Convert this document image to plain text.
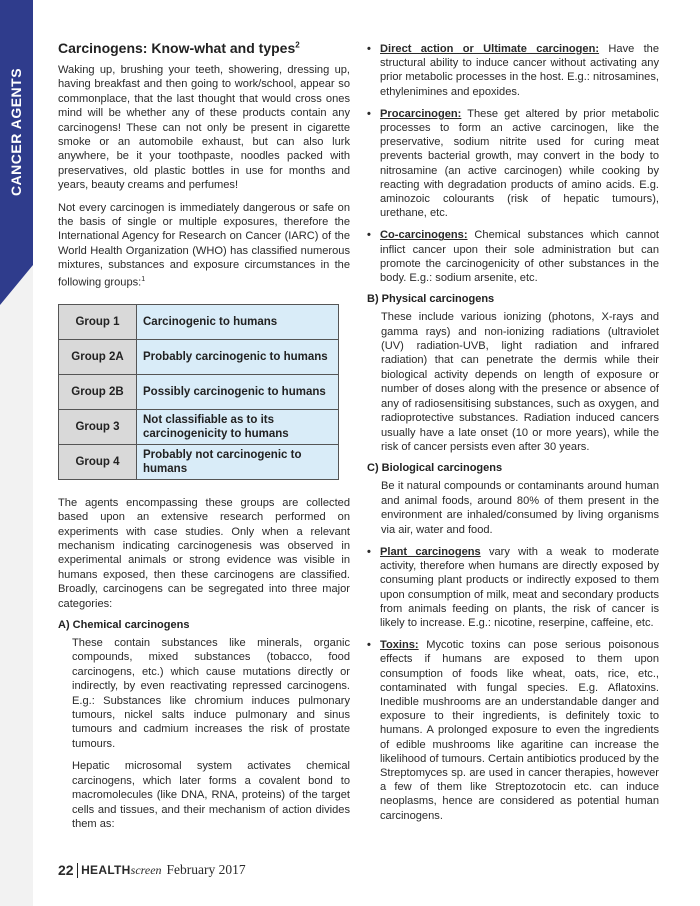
CANCER AGENTS
Carcinogens: Know-what and types$^2$

Waking up, brushing your teeth, showering, dressing up, having breakfast and then going to work/school, appear so commonplace, that the last thought that would cross ones mind will be whether any of these products contain any carcinogens! These can not only be present in cigarette smoke or an automobile exhaust, but can also lurk anywhere, be it your toothpaste, noodles packed with preservatives, old plastic bottles in use for months and years, beauty creams and perfumes!

Not every carcinogen is immediately dangerous or safe on the basis of single or multiple exposures, therefore the International Agency for Research on Cancer (IARC) of the World Health Organization (WHO) has classified numerous mixtures, substances and exposure circumstances in the following groups:$^1$

Group 1	Carcinogenic to humans
Group 2A	Probably carcinogenic to humans
Group 2B	Possibly carcinogenic to humans
Group 3	Not classifiable as to its carcinogenicity to humans
Group 4	Probably not carcinogenic to humans

The agents encompassing these groups are collected based upon an extensive research performed on experiments with case studies. Only when a relevant mechanism indicating carcinogenesis was observed in experimental animals or strong evidence was visible in humans exposed, then these carcinogens are classified. Broadly, carcinogens can be segregated into three major categories:

A) Chemical carcinogens

These contain substances like minerals, organic compounds, mixed substances (tobacco, food carcinogens, etc.) which cause mutations directly or indirectly, by even reactivating repressed carcinogens. E.g.: Substances like chromium induces pulmonary tumours, nickel salts induce pulmonary and sinus tumours and cadmium increases the risk of prostate tumours.

Hepatic microsomal system activates chemical carcinogens, which later forms a covalent bond to macromolecules (like DNA, RNA, proteins) of the target cells and tissues, and their mechanism of action divides them as:

• Direct action or Ultimate carcinogen: Have the structural ability to induce cancer without activating any prior metabolic processes in the host. E.g.: nitrosamines, ethylenimines and epoxides.
• Procarcinogen: These get altered by prior metabolic processes to form an active carcinogen, like the preservative, sodium nitrite used for curing meat prevents bacterial growth, may convert in the body to nitrosamine (an active carcinogen) while cooking by reacting with degradation products of amino acids. E.g. aminozoic colourants (risk of hepatic tumours), urethane, etc.
• Co-carcinogens: Chemical substances which cannot inflict cancer upon their sole administration but can promote the carcinogenicity of other substances in the body. E.g.: sodium arsenite, etc.
B) Physical carcinogens

These include various ionizing (photons, X-rays and gamma rays) and non-ionizing radiations (ultraviolet (UV) radiation-UVB, light radiation and infrared radiation) that can penetrate the dermis while their biological activity depends on length of exposure or number of doses along with the presence or absence of any of radiosensitising substances, such as oxygen, and radioprotective substances. Radiation induced cancers usually have a late onset (10 or more years), while the risk of cancer persists even after 30 years.

C) Biological carcinogens

Be it natural compounds or contaminants around human and animal foods, around 80% of them present in the environment are inhaled/consumed by living organisms via air, water and food.

• Plant carcinogens vary with a weak to moderate activity, therefore when humans are directly exposed by consuming plant products or indirectly exposed to them upon consumption of milk, meat and secondary products from animals feeding on plants, the risk of cancer is likely to increase. E.g.: nicotine, reserpine, caffeine, etc.
• Toxins: Mycotic toxins can pose serious poisonous effects if humans are exposed to them upon consumption of foods like wheat, oats, rice, etc., contaminated with fungal species. E.g. Aflatoxins. Inedible mushrooms are an understandable danger and exposure to their ingredients, is definitely toxic to humans. A prolonged exposure to even the ingredients of edible mushrooms like agaritine can increase the likelihood of tumours. Certain antibiotics produced by the Streptomyces sp. are used in cancer therapies, however a few of them like Streptozotocin etc. can induce neoplasms, hence are considered as potential human carcinogens.
22 HEALTH screen February 2017
